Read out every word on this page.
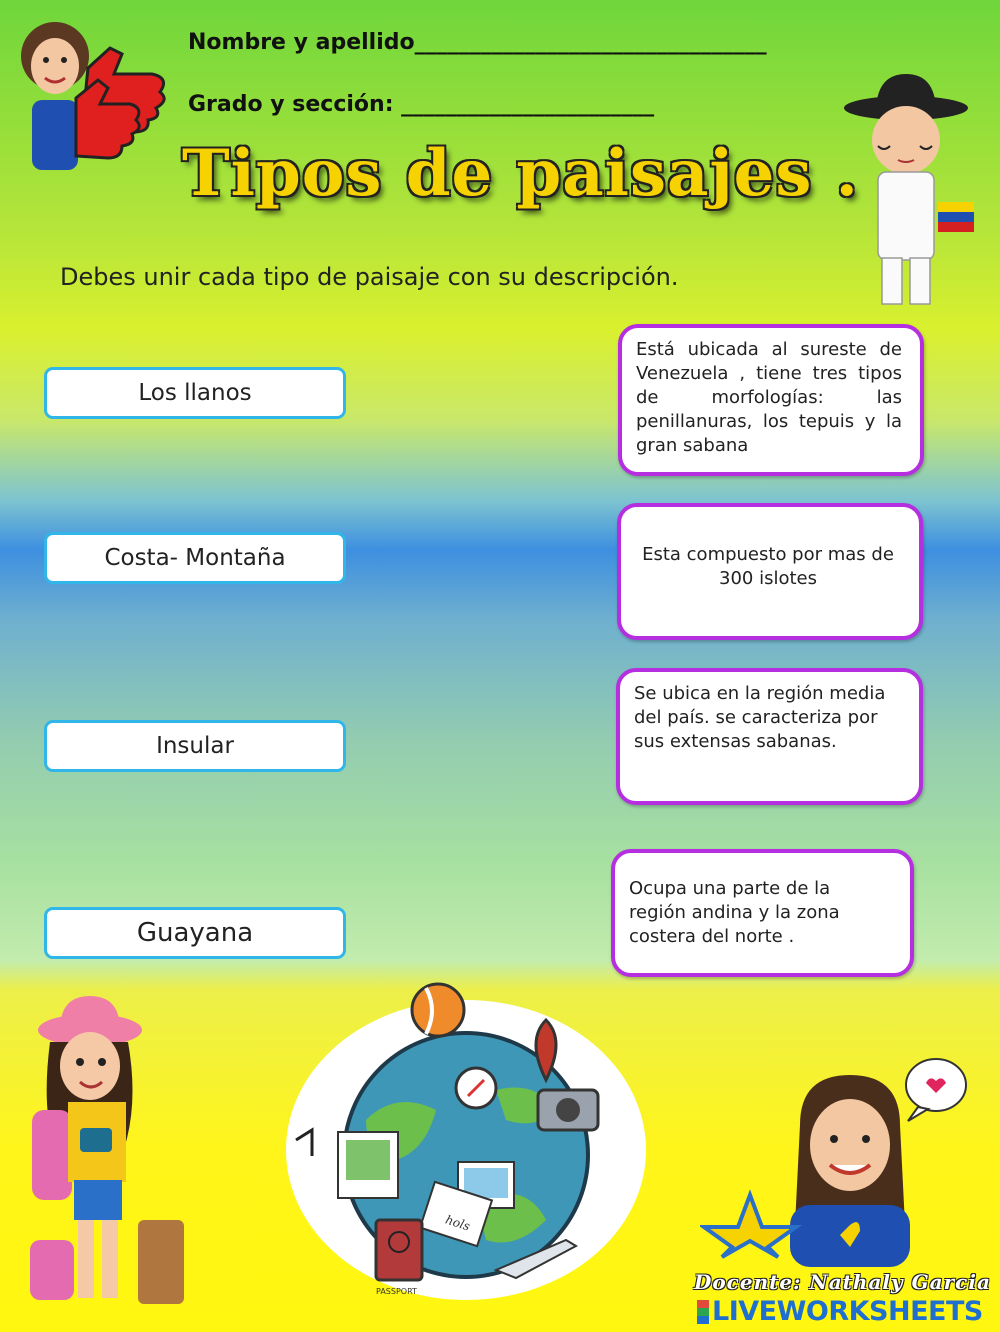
Nombre y apellido________________________________
Grado y sección: _______________________
Tipos de paisajes .
Debes unir cada tipo de paisaje con su descripción.
Los llanos
Costa- Montaña
Insular
Guayana
Está ubicada al sureste de Venezuela , tiene tres tipos de morfologías: las penillanuras, los tepuis y la gran sabana
Esta compuesto por mas de 300 islotes
Se ubica en la región media del país. se caracteriza por sus extensas sabanas.
Ocupa una parte de la región andina y la zona costera del norte .
hols
PASSPORT	Docente: Nathaly Garcia
LIVEWORKSHEETS
